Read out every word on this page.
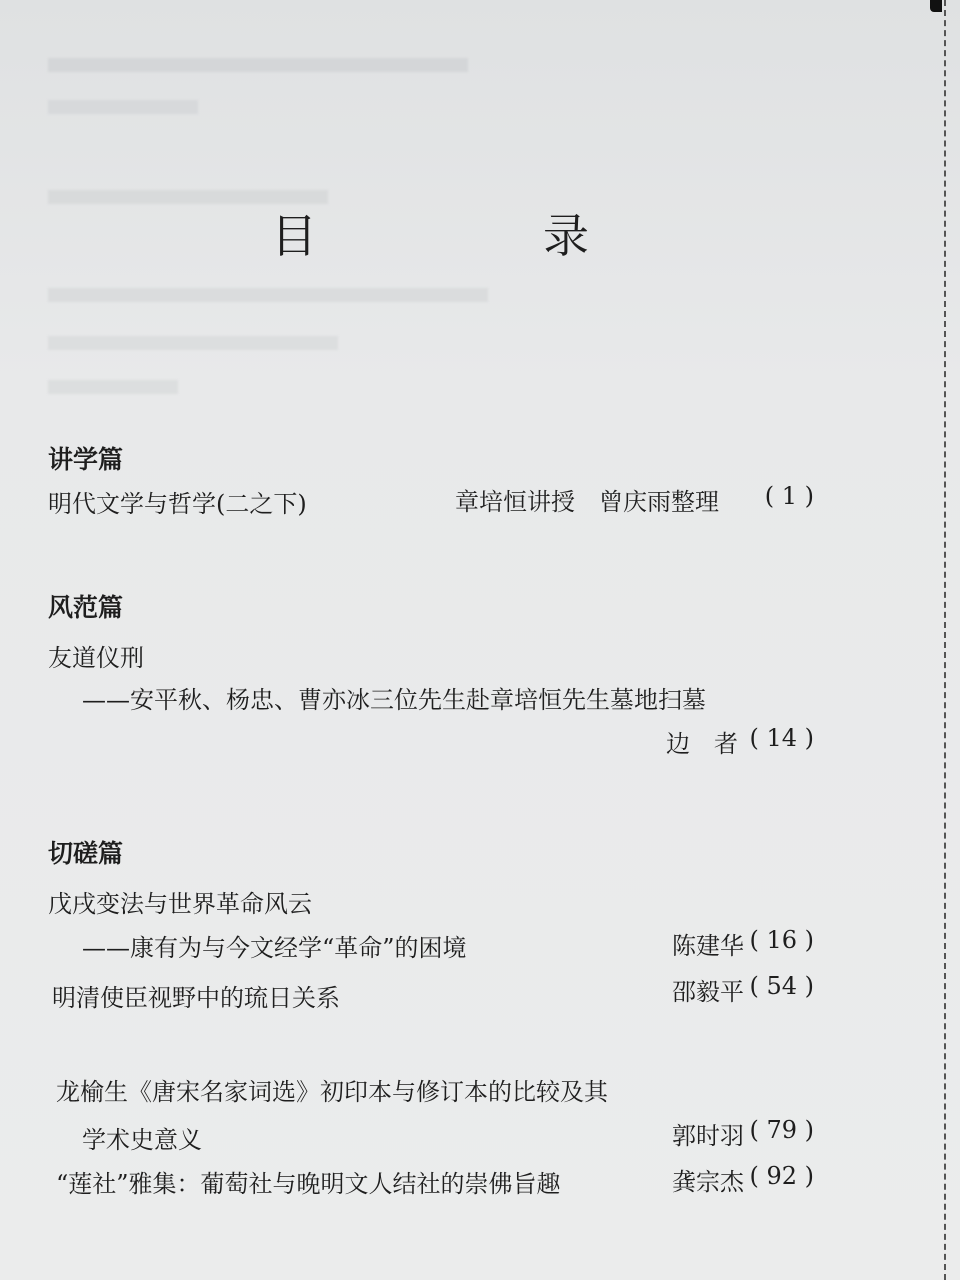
目　录
讲学篇
明代文学与哲学(二之下)	章培恒讲授　曾庆雨整理 ( 1 )
风范篇
友道仪刑
——安平秋、杨忠、曹亦冰三位先生赴章培恒先生墓地扫墓
边　者 ( 14 )
切磋篇
戊戌变法与世界革命风云
——康有为与今文经学“革命”的困境	陈建华 ( 16 )
明清使臣视野中的琉日关系	邵毅平 ( 54 )
龙榆生《唐宋名家词选》初印本与修订本的比较及其
学术史意义	郭时羽 ( 79 )
“莲社”雅集：葡萄社与晚明文人结社的崇佛旨趣	龚宗杰 ( 92 )
